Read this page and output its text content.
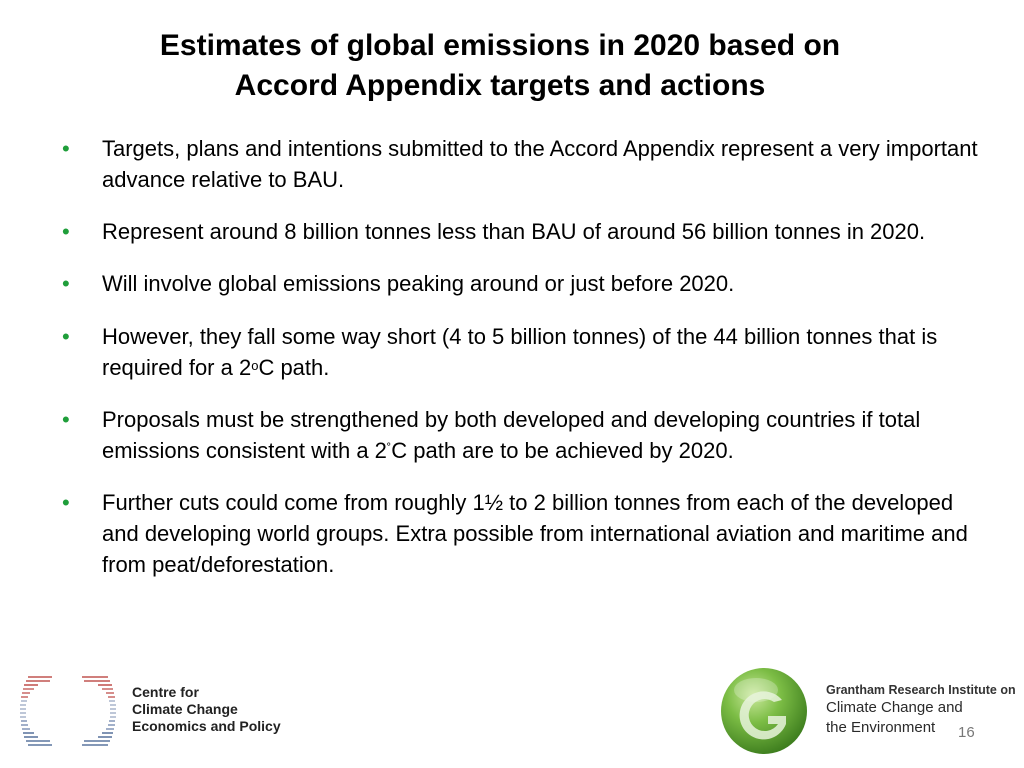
Estimates of global emissions in 2020 based on
Accord Appendix targets and actions
• Targets, plans and intentions submitted to the Accord Appendix represent a very important advance relative to BAU.
• Represent around 8 billion tonnes less than BAU of around 56 billion tonnes in 2020.
• Will involve global emissions peaking around or just before 2020.
• However, they fall some way short (4 to 5 billion tonnes) of the 44 billion tonnes that is required for a 2$^o$C path.
• Proposals must be strengthened by both developed and developing countries if total emissions consistent with a 2˚C path are to be achieved by 2020.
• Further cuts could come from roughly 1½ to 2 billion tonnes from each of the developed and developing world groups. Extra possible from international aviation and maritime and from peat/deforestation.
Centre for
Climate Change
Economics and Policy
Grantham Research Institute on
Climate Change and
the Environment	16
